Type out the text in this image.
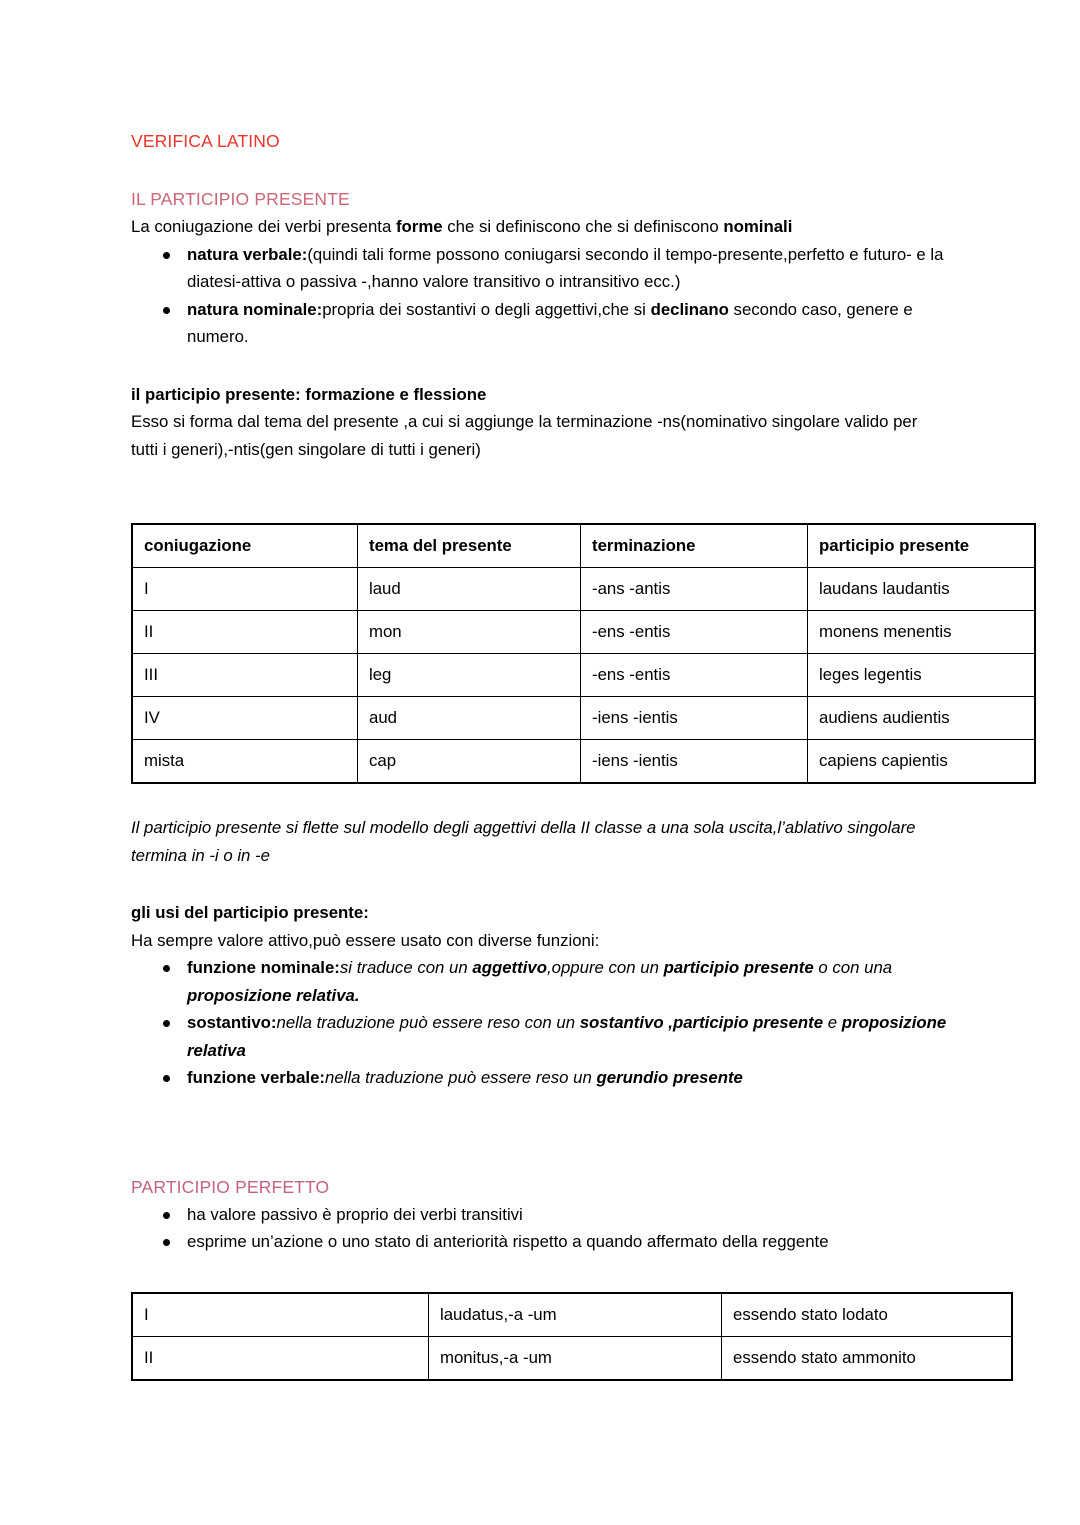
VERIFICA LATINO
IL PARTICIPIO PRESENTE

La coniugazione dei verbi presenta forme che si definiscono che si definiscono nominali

natura verbale:(quindi tali forme possono coniugarsi secondo il tempo-presente,perfetto e futuro- e la diatesi-attiva o passiva -,hanno valore transitivo o intransitivo ecc.)
natura nominale:propria dei sostantivi o degli aggettivi,che si declinano secondo caso, genere e numero.

il participio presente: formazione e flessione

Esso si forma dal tema del presente ,a cui si aggiunge la terminazione -ns(nominativo singolare valido per tutti i generi),-ntis(gen singolare di tutti i generi)

coniugazione	tema del presente	terminazione	participio presente
I	laud	-ans -antis	laudans laudantis
II	mon	-ens -entis	monens menentis
III	leg	-ens -entis	leges legentis
IV	aud	-iens -ientis	audiens audientis
mista	cap	-iens -ientis	capiens capientis

Il participio presente si flette sul modello degli aggettivi della II classe a una sola uscita,l’ablativo singolare termina in -i o in -e

gli usi del participio presente:

Ha sempre valore attivo,può essere usato con diverse funzioni:

funzione nominale:si traduce con un aggettivo,oppure con un participio presente o con una proposizione relativa.
sostantivo:nella traduzione può essere reso con un sostantivo ,participio presente e proposizione relativa
funzione verbale:nella traduzione può essere reso un gerundio presente
PARTICIPIO PERFETTO
ha valore passivo è proprio dei verbi transitivi
esprime un’azione o uno stato di anteriorità rispetto a quando affermato della reggente
I	laudatus,-a -um	essendo stato lodato
II	monitus,-a -um	essendo stato ammonito
